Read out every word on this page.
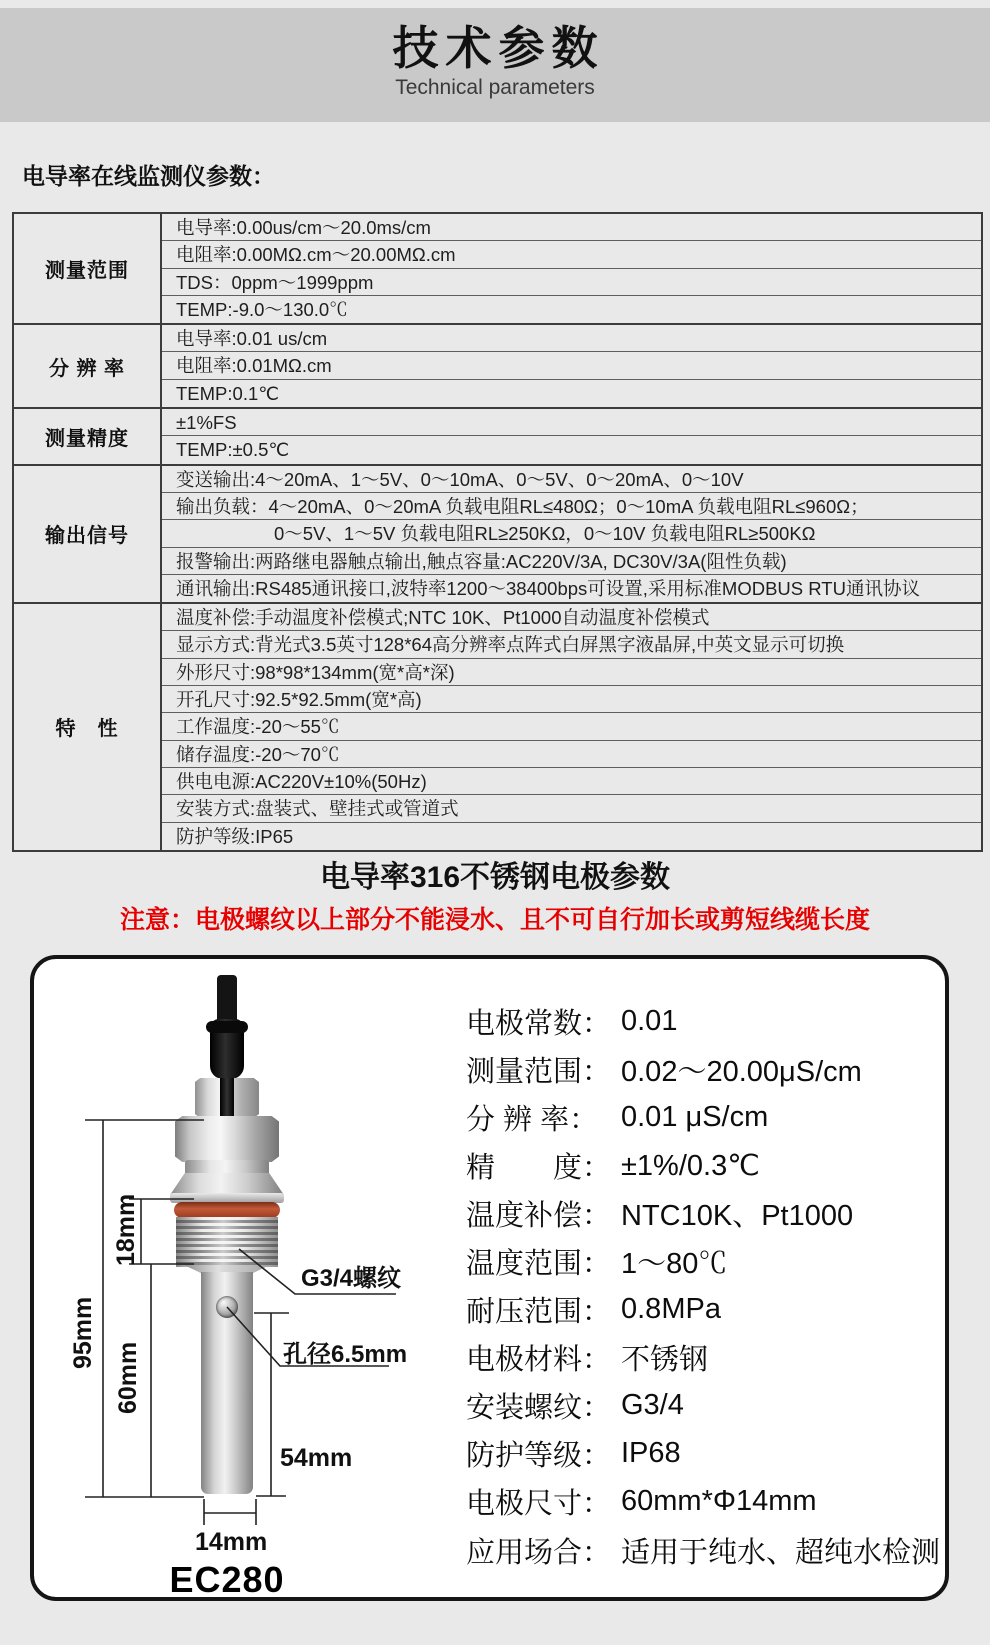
技术参数
Technical parameters
电导率在线监测仪参数：
测量范围
电导率:0.00us/cm～20.0ms/cm
电阻率:0.00MΩ.cm～20.00MΩ.cm
TDS：0ppm～1999ppm
TEMP:-9.0～130.0℃
分 辨 率
电导率:0.01 us/cm
电阻率:0.01MΩ.cm
TEMP:0.1℃
测量精度
±1%FS
TEMP:±0.5℃
输出信号
变送输出:4～20mA、1～5V、0～10mA、0～5V、0～20mA、0～10V
输出负载：4～20mA、0～20mA 负载电阻RL≤480Ω；0～10mA 负载电阻RL≤960Ω；
0～5V、1～5V 负载电阻RL≥250KΩ，0～10V 负载电阻RL≥500KΩ
报警输出:两路继电器触点输出,触点容量:AC220V/3A, DC30V/3A(阻性负载)
通讯输出:RS485通讯接口,波特率1200～38400bps可设置,采用标准MODBUS RTU通讯协议
特　性
温度补偿:手动温度补偿模式;NTC 10K、Pt1000自动温度补偿模式
显示方式:背光式3.5英寸128*64高分辨率点阵式白屏黑字液晶屏,中英文显示可切换
外形尺寸:98*98*134mm(宽*高*深)
开孔尺寸:92.5*92.5mm(宽*高)
工作温度:-20～55℃
储存温度:-20～70℃
供电电源:AC220V±10%(50Hz)
安装方式:盘装式、壁挂式或管道式
防护等级:IP65
电导率316不锈钢电极参数
注意：电极螺纹以上部分不能浸水、且不可自行加长或剪短线缆长度
95mm
60mm
18mm
54mm
14mm
G3/4螺纹
孔径6.5mm
EC280
电极常数： 0.01
测量范围： 0.02～20.00μS/cm
分 辨 率： 0.01 μS/cm
精　　度： ±1%/0.3℃
温度补偿： NTC10K、Pt1000
温度范围： 1～80℃
耐压范围： 0.8MPa
电极材料： 不锈钢
安装螺纹： G3/4
防护等级： IP68
电极尺寸： 60mm*Φ14mm
应用场合： 适用于纯水、超纯水检测
